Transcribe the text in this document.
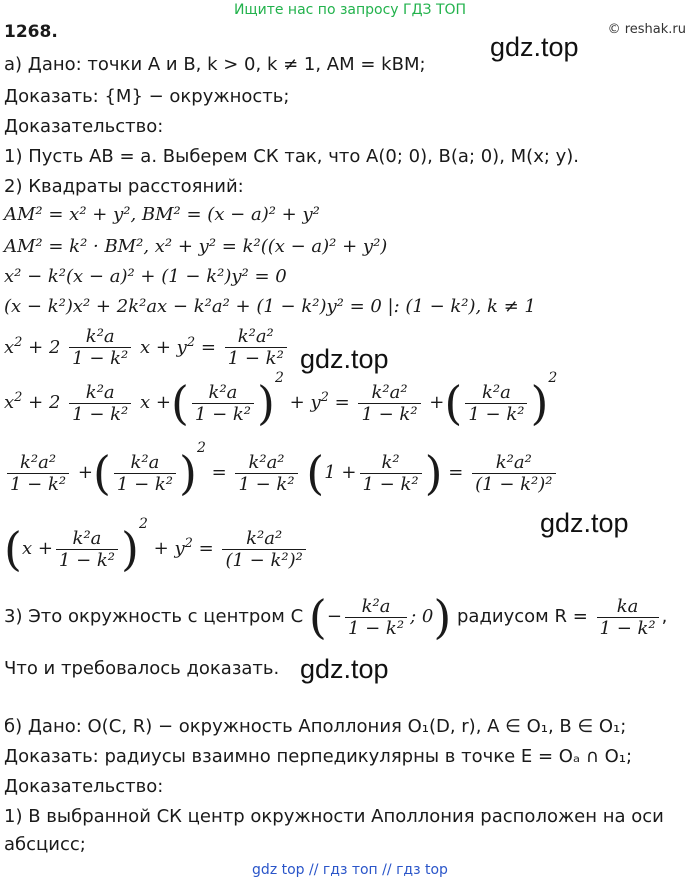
Ищите нас по запросу ГДЗ ТОП
© reshak.ru
1268.	gdz.top
gdz.top
gdz.top
gdz.top
а) Дано: точки A и B, k > 0, k ≠ 1, AM = kBM;
Доказать: {M} − окружность;
Доказательство:
1) Пусть AB = a. Выберем СК так, что A(0; 0), B(a; 0), M(x; y).
2) Квадраты расстояний:
AM² = x² + y², BM² = (x − a)² + y²
AM² = k² · BM², x² + y² = k²((x − a)² + y²)
x² − k²(x − a)² + (1 − k²)y² = 0
(x − k²)x² + 2k²ax − k²a² + (1 − k²)y² = 0 |: (1 − k²), k ≠ 1
$x^2 + 2 \frac{\text{k²a}}{\text{1 − k²}}$ $x + y^2 = \frac{\text{k²a²}}{\text{1 − k²}}$
$x^2 + 2 \frac{\text{k²a}}{\text{1 − k²}}$ x +( $\frac{\text{k²a}}{\text{1 − k²}} )^2 + y^2 = \frac{\text{k²a²}}{\text{1 − k²}}$ +( $\frac{\text{k²a}}{\text{1 − k²}} )^2$
$\frac{\text{k²a²}}{\text{1 − k²}}$ +( $\frac{\text{k²a}}{\text{1 − k²}} )^2 = \frac{\text{k²a²}}{\text{1 − k²}} (1 + \frac{\text{k²}}{\text{1 − k²}}$ ) = $\frac{\text{k²a²}}{\text{(1 − k²)²}}$
$(x + \frac{\text{k²a}}{\text{1 − k²}} )^2 + y^2 = \frac{\text{k²a²}}{\text{(1 − k²)²}}$
3) Это окружность с центром C (− $\frac{\text{k²a}}{\text{1 − k²}}$ ; 0) радиусом $R = \frac{ka}{\text{1 − k²}}$ ,
Что и требовалось доказать.
б) Дано: O(C, R) − окружность Аполлония O₁(D, r), A ∈ O₁, B ∈ O₁;
Доказать: радиусы взаимно перпедикулярны в точке E = Oₐ ∩ O₁;
Доказательство:
1) В выбранной СК центр окружности Аполлония расположен на оси
абсцисс;
gdz top // гдз топ // гдз top
